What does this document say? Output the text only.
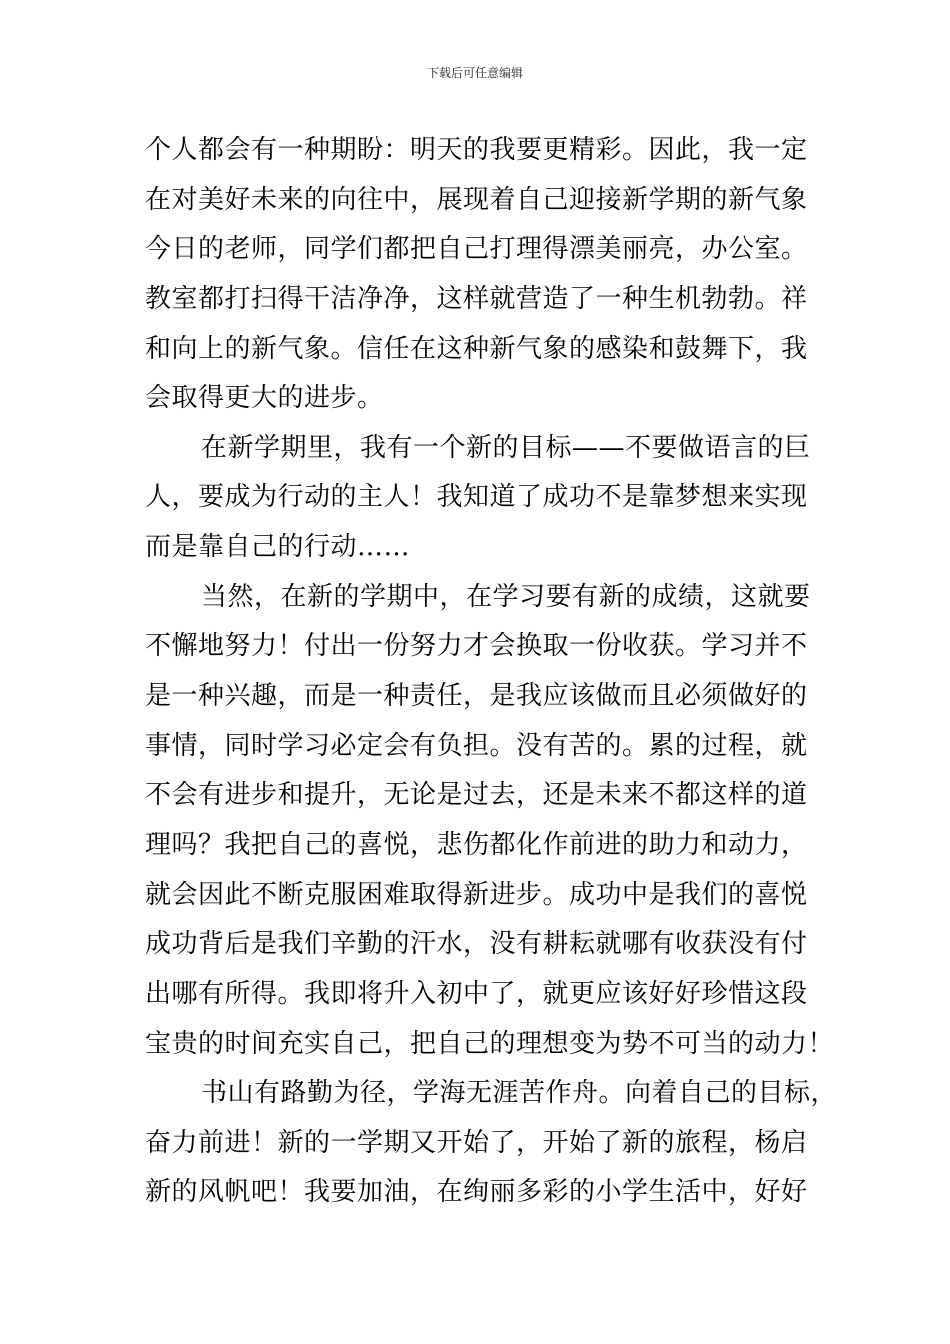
下载后可任意编辑
个人都会有一种期盼：明天的我要更精彩。因此，我一定
在对美好未来的向往中，展现着自己迎接新学期的新气象
今日的老师，同学们都把自己打理得漂美丽亮，办公室。
教室都打扫得干洁净净，这样就营造了一种生机勃勃。祥
和向上的新气象。信任在这种新气象的感染和鼓舞下，我
会取得更大的进步。
在新学期里，我有一个新的目标——不要做语言的巨
人，要成为行动的主人！我知道了成功不是靠梦想来实现
而是靠自己的行动……
当然，在新的学期中，在学习要有新的成绩，这就要
不懈地努力！付出一份努力才会换取一份收获。学习并不
是一种兴趣，而是一种责任，是我应该做而且必须做好的
事情，同时学习必定会有负担。没有苦的。累的过程，就
不会有进步和提升，无论是过去，还是未来不都这样的道
理吗？我把自己的喜悦，悲伤都化作前进的助力和动力，
就会因此不断克服困难取得新进步。成功中是我们的喜悦
成功背后是我们辛勤的汗水，没有耕耘就哪有收获没有付
出哪有所得。我即将升入初中了，就更应该好好珍惜这段
宝贵的时间充实自己，把自己的理想变为势不可当的动力！
书山有路勤为径，学海无涯苦作舟。向着自己的目标，
奋力前进！新的一学期又开始了，开始了新的旅程，杨启
新的风帆吧！我要加油，在绚丽多彩的小学生活中，好好
